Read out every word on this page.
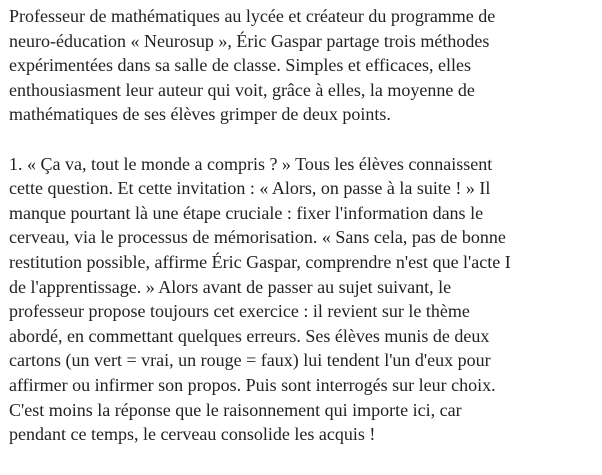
Professeur de mathématiques au lycée et créateur du programme de
neuro-éducation « Neurosup », Éric Gaspar partage trois méthodes
expérimentées dans sa salle de classe. Simples et efficaces, elles
enthousiasment leur auteur qui voit, grâce à elles, la moyenne de
mathématiques de ses élèves grimper de deux points.

1. « Ça va, tout le monde a compris ? » Tous les élèves connaissent
cette question. Et cette invitation : « Alors, on passe à la suite ! » Il
manque pourtant là une étape cruciale : fixer l'information dans le
cerveau, via le processus de mémorisation. « Sans cela, pas de bonne
restitution possible, affirme Éric Gaspar, comprendre n'est que l'acte I
de l'apprentissage. » Alors avant de passer au sujet suivant, le
professeur propose toujours cet exercice : il revient sur le thème
abordé, en commettant quelques erreurs. Ses élèves munis de deux
cartons (un vert = vrai, un rouge = faux) lui tendent l'un d'eux pour
affirmer ou infirmer son propos. Puis sont interrogés sur leur choix.
C'est moins la réponse que le raisonnement qui importe ici, car
pendant ce temps, le cerveau consolide les acquis !
